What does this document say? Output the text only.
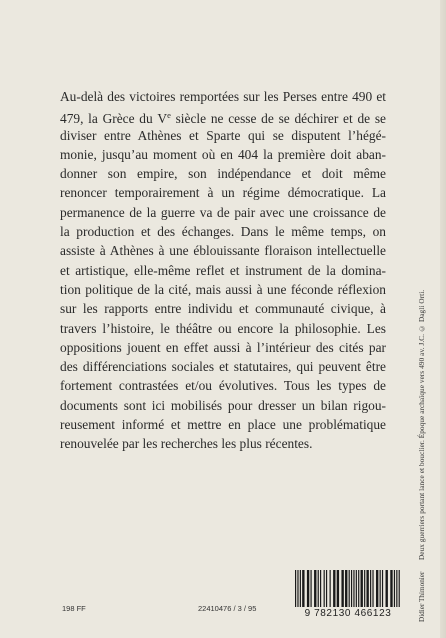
Au-delà des victoires remportées sur les Perses entre 490 et
479, la Grèce du Ve siècle ne cesse de se déchirer et de se
diviser entre Athènes et Sparte qui se disputent l’hégé-
monie, jusqu’au moment où en 404 la première doit aban-
donner son empire, son indépendance et doit même
renoncer temporairement à un régime démocratique. La
permanence de la guerre va de pair avec une croissance de
la production et des échanges. Dans le même temps, on
assiste à Athènes à une éblouissante floraison intellectuelle
et artistique, elle-même reflet et instrument de la domina-
tion politique de la cité, mais aussi à une féconde réflexion
sur les rapports entre individu et communauté civique, à
travers l’histoire, le théâtre ou encore la philosophie. Les
oppositions jouent en effet aussi à l’intérieur des cités par
des différenciations sociales et statutaires, qui peuvent être
fortement contrastées et/ou évolutives. Tous les types de
documents sont ici mobilisés pour dresser un bilan rigou-
reusement informé et mettre en place une problématique
renouvelée par les recherches les plus récentes.	Deux guerriers portant lance et bouclier. Époque archaïque vers 490 av. J.C. © Dagli Orti.
Didier Thimonier
198 FF	22410476 / 3 / 95	9 782130 466123
